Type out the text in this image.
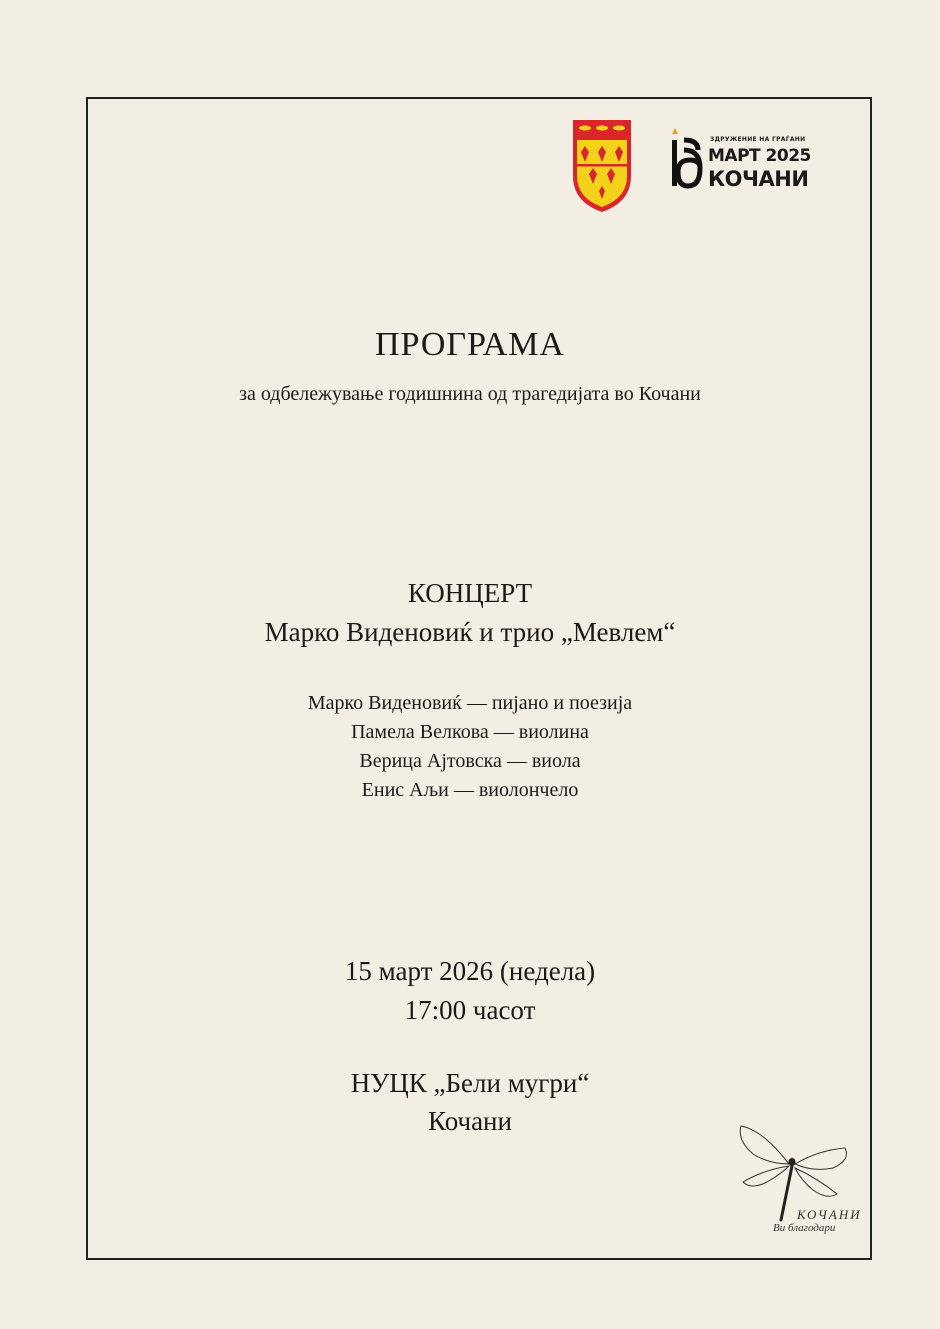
ЗДРУЖЕНИЕ НА ГРАЃАНИ
МАРТ 2025
КОЧАНИ
ПРОГРАМА
за одбележување годишнина од трагедијата во Кочани
КОНЦЕРТ
Марко Виденовиќ и трио „Мевлем“
Марко Виденовиќ — пијано и поезија
Памела Велкова — виолина
Верица Ајтовска — виола
Енис Аљи — виолончело
15 март 2026 (недела)
17:00 часот
НУЦК „Бели мугри“
Кочани
КОЧАНИ
Ви благодари
